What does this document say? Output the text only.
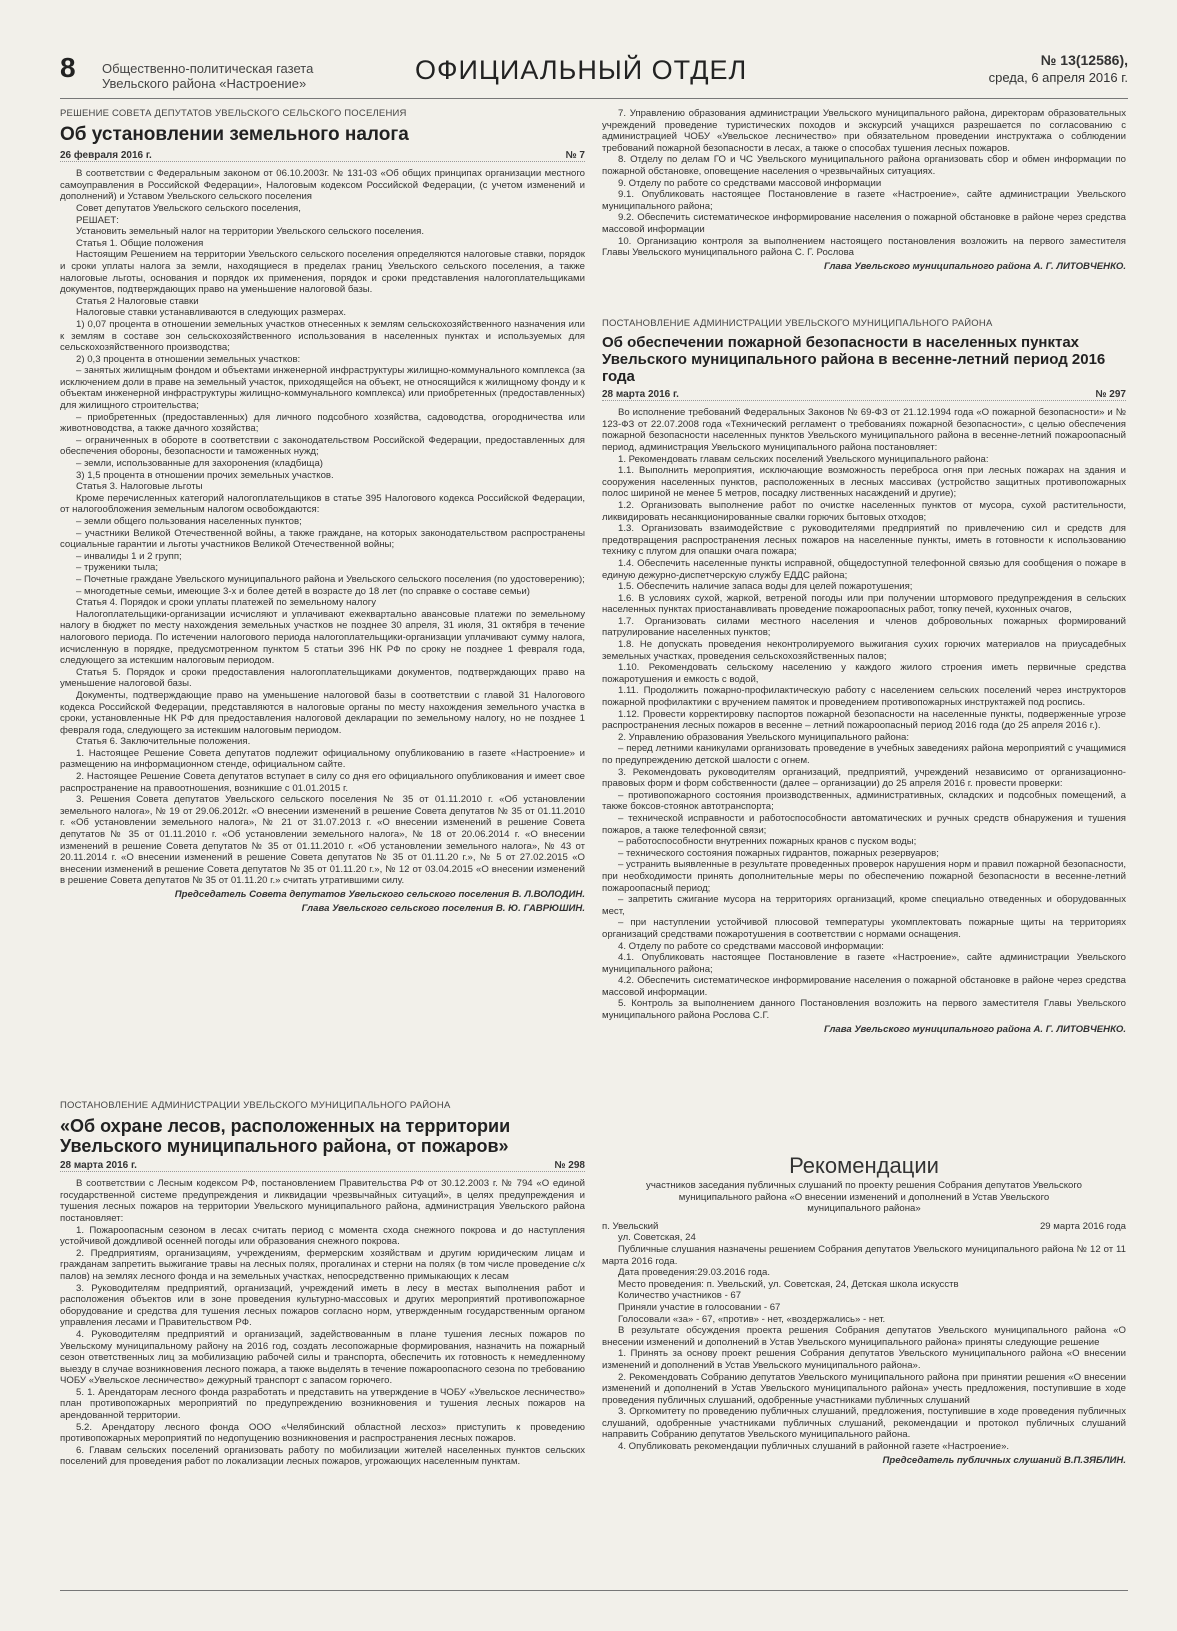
8 Общественно-политическая газета
Увельского района «Настроение»	ОФИЦИАЛЬНЫЙ ОТДЕЛ	№ 13(12586),
среда, 6 апреля 2016 г.
РЕШЕНИЕ СОВЕТА ДЕПУТАТОВ УВЕЛЬСКОГО СЕЛЬСКОГО ПОСЕЛЕНИЯ
Об установлении земельного налога
26 февраля 2016 г.	№ 7

В соответствии с Федеральным законом от 06.10.2003г. № 131-03 «Об общих принципах организации местного самоуправления в Российской Федерации», Налоговым кодексом Российской Федерации, (с учетом изменений и дополнений) и Уставом Увельского сельского поселения

Совет депутатов Увельского сельского поселения,

РЕШАЕТ:

Установить земельный налог на территории Увельского сельского поселения.

Статья 1. Общие положения

Настоящим Решением на территории Увельского сельского поселения определяются налоговые ставки, порядок и сроки уплаты налога за земли, находящиеся в пределах границ Увельского сельского поселения, а также налоговые льготы, основания и порядок их применения, порядок и сроки представления налогоплательщиками документов, подтверждающих право на уменьшение налоговой базы.

Статья 2 Налоговые ставки

Налоговые ставки устанавливаются в следующих размерах.

1) 0,07 процента в отношении земельных участков отнесенных к землям сельскохозяйственного назначения или к землям в составе зон сельскохозяйственного использования в населенных пунктах и используемых для сельскохозяйственного производства;

2) 0,3 процента в отношении земельных участков:

– занятых жилищным фондом и объектами инженерной инфраструктуры жилищно-коммунального комплекса (за исключением доли в праве на земельный участок, приходящейся на объект, не относящийся к жилищному фонду и к объектам инженерной инфраструктуры жилищно-коммунального комплекса) или приобретенных (предоставленных) для жилищного строительства;

– приобретенных (предоставленных) для личного подсобного хозяйства, садоводства, огородничества или животноводства, а также дачного хозяйства;

– ограниченных в обороте в соответствии с законодательством Российской Федерации, предоставленных для обеспечения обороны, безопасности и таможенных нужд;

– земли, использованные для захоронения (кладбища)

3) 1,5 процента в отношении прочих земельных участков.

Статья 3. Налоговые льготы

Кроме перечисленных категорий налогоплательщиков в статье 395 Налогового кодекса Российской Федерации, от налогообложения земельным налогом освобождаются:

– земли общего пользования населенных пунктов;

– участники Великой Отечественной войны, а также граждане, на которых законодательством распространены социальные гарантии и льготы участников Великой Отечественной войны;

– инвалиды 1 и 2 групп;

– труженики тыла;

– Почетные граждане Увельского муниципального района и Увельского сельского поселения (по удостоверению);

– многодетные семьи, имеющие 3-х и более детей в возрасте до 18 лет (по справке о составе семьи)

Статья 4. Порядок и сроки уплаты платежей по земельному налогу

Налогоплательщики-организации исчисляют и уплачивают ежеквартально авансовые платежи по земельному налогу в бюджет по месту нахождения земельных участков не позднее 30 апреля, 31 июля, 31 октября в течение налогового периода. По истечении налогового периода налогоплательщики-организации уплачивают сумму налога, исчисленную в порядке, предусмотренном пунктом 5 статьи 396 НК РФ по сроку не позднее 1 февраля года, следующего за истекшим налоговым периодом.

Статья 5. Порядок и сроки предоставления налогоплательщиками документов, подтверждающих право на уменьшение налоговой базы.

Документы, подтверждающие право на уменьшение налоговой базы в соответствии с главой 31 Налогового кодекса Российской Федерации, представляются в налоговые органы по месту нахождения земельного участка в сроки, установленные НК РФ для предоставления налоговой декларации по земельному налогу, но не позднее 1 февраля года, следующего за истекшим налоговым периодом.

Статья 6. Заключительные положения.

1. Настоящее Решение Совета депутатов подлежит официальному опубликованию в газете «Настроение» и размещению на информационном стенде, официальном сайте.

2. Настоящее Решение Совета депутатов вступает в силу со дня его официального опубликования и имеет свое распространение на правоотношения, возникшие с 01.01.2015 г.

3. Решения Совета депутатов Увельского сельского поселения № 35 от 01.11.2010 г. «Об установлении земельного налога», № 19 от 29.06.2012г. «О внесении изменений в решение Совета депутатов № 35 от 01.11.2010 г. «Об установлении земельного налога», № 21 от 31.07.2013 г. «О внесении изменений в решение Совета депутатов № 35 от 01.11.2010 г. «Об установлении земельного налога», № 18 от 20.06.2014 г. «О внесении изменений в решение Совета депутатов № 35 от 01.11.2010 г. «Об установлении земельного налога», № 43 от 20.11.2014 г. «О внесении изменений в решение Совета депутатов № 35 от 01.11.20 г.», № 5 от 27.02.2015 «О внесении изменений в решение Совета депутатов № 35 от 01.11.20 г.», № 12 от 03.04.2015 «О внесении изменений в решение Совета депутатов № 35 от 01.11.20 г.» считать утратившими силу.

Председатель Совета депутатов Увельского сельского поселения В. Л.ВОЛОДИН.
Глава Увельского сельского поселения В. Ю. ГАВРЮШИН.
ПОСТАНОВЛЕНИЕ АДМИНИСТРАЦИИ УВЕЛЬСКОГО МУНИЦИПАЛЬНОГО РАЙОНА
«Об охране лесов, расположенных на территории Увельского муниципального района, от пожаров»
28 марта 2016 г.	№ 298

В соответствии с Лесным кодексом РФ, постановлением Правительства РФ от 30.12.2003 г. № 794 «О единой государственной системе предупреждения и ликвидации чрезвычайных ситуаций», в целях предупреждения и тушения лесных пожаров на территории Увельского муниципального района, администрация Увельского района постановляет:

1. Пожароопасным сезоном в лесах считать период с момента схода снежного покрова и до наступления устойчивой дождливой осенней погоды или образования снежного покрова.

2. Предприятиям, организациям, учреждениям, фермерским хозяйствам и другим юридическим лицам и гражданам запретить выжигание травы на лесных полях, прогалинах и стерни на полях (в том числе проведение с/х палов) на землях лесного фонда и на земельных участках, непосредственно примыкающих к лесам

3. Руководителям предприятий, организаций, учреждений иметь в лесу в местах выполнения работ и расположения объектов или в зоне проведения культурно-массовых и других мероприятий противопожарное оборудование и средства для тушения лесных пожаров согласно норм, утвержденным государственным органом управления лесами и Правительством РФ.

4. Руководителям предприятий и организаций, задействованным в плане тушения лесных пожаров по Увельскому муниципальному району на 2016 год, создать лесопожарные формирования, назначить на пожарный сезон ответственных лиц за мобилизацию рабочей силы и транспорта, обеспечить их готовность к немедленному выезду в случае возникновения лесного пожара, а также выделять в течение пожароопасного сезона по требованию ЧОБУ «Увельское лесничество» дежурный транспорт с запасом горючего.

5. 1. Арендаторам лесного фонда разработать и представить на утверждение в ЧОБУ «Увельское лесничество» план противопожарных мероприятий по предупреждению возникновения и тушения лесных пожаров на арендованной территории.

5.2. Арендатору лесного фонда ООО «Челябинский областной лесхоз» приступить к проведению противопожарных мероприятий по недопущению возникновения и распространения лесных пожаров.

6. Главам сельских поселений организовать работу по мобилизации жителей населенных пунктов сельских поселений для проведения работ по локализации лесных пожаров, угрожающих населенным пунктам.

7. Управлению образования администрации Увельского муниципального района, директорам образовательных учреждений проведение туристических походов и экскурсий учащихся разрешается по согласованию с администрацией ЧОБУ «Увельское лесничество» при обязательном проведении инструктажа о соблюдении требований пожарной безопасности в лесах, а также о способах тушения лесных пожаров.

8. Отделу по делам ГО и ЧС Увельского муниципального района организовать сбор и обмен информации по пожарной обстановке, оповещение населения о чрезвычайных ситуациях.

9. Отделу по работе со средствами массовой информации

9.1. Опубликовать настоящее Постановление в газете «Настроение», сайте администрации Увельского муниципального района;

9.2. Обеспечить систематическое информирование населения о пожарной обстановке в районе через средства массовой информации

10. Организацию контроля за выполнением настоящего постановления возложить на первого заместителя Главы Увельского муниципального района С. Г. Рослова

Глава Увельского муниципального района А. Г. ЛИТОВЧЕНКО.
ПОСТАНОВЛЕНИЕ АДМИНИСТРАЦИИ УВЕЛЬСКОГО МУНИЦИПАЛЬНОГО РАЙОНА
Об обеспечении пожарной безопасности в населенных пунктах Увельского муниципального района в весенне-летний период 2016 года
28 марта 2016 г.	№ 297

Во исполнение требований Федеральных Законов № 69-ФЗ от 21.12.1994 года «О пожарной безопасности» и № 123-ФЗ от 22.07.2008 года «Технический регламент о требованиях пожарной безопасности», с целью обеспечения пожарной безопасности населенных пунктов Увельского муниципального района в весенне-летний пожароопасный период, администрация Увельского муниципального района постановляет:

1. Рекомендовать главам сельских поселений Увельского муниципального района:

1.1. Выполнить мероприятия, исключающие возможность переброса огня при лесных пожарах на здания и сооружения населенных пунктов, расположенных в лесных массивах (устройство защитных противопожарных полос шириной не менее 5 метров, посадку лиственных насаждений и другие);

1.2. Организовать выполнение работ по очистке населенных пунктов от мусора, сухой растительности, ликвидировать несанкционированные свалки горючих бытовых отходов;

1.3. Организовать взаимодействие с руководителями предприятий по привлечению сил и средств для предотвращения распространения лесных пожаров на населенные пункты, иметь в готовности к использованию технику с плугом для опашки очага пожара;

1.4. Обеспечить населенные пункты исправной, общедоступной телефонной связью для сообщения о пожаре в единую дежурно-диспетчерскую службу ЕДДС района;

1.5. Обеспечить наличие запаса воды для целей пожаротушения;

1.6. В условиях сухой, жаркой, ветреной погоды или при получении штормового предупреждения в сельских населенных пунктах приостанавливать проведение пожароопасных работ, топку печей, кухонных очагов,

1.7. Организовать силами местного населения и членов добровольных пожарных формирований патрулирование населенных пунктов;

1.8. Не допускать проведения неконтролируемого выжигания сухих горючих материалов на приусадебных земельных участках, проведения сельскохозяйственных палов;

1.10. Рекомендовать сельскому населению у каждого жилого строения иметь первичные средства пожаротушения и емкость с водой,

1.11. Продолжить пожарно-профилактическую работу с населением сельских поселений через инструкторов пожарной профилактики с вручением памяток и проведением противопожарных инструктажей под роспись.

1.12. Провести корректировку паспортов пожарной безопасности на населенные пункты, подверженные угрозе распространения лесных пожаров в весенне – летний пожароопасный период 2016 года (до 25 апреля 2016 г.).

2. Управлению образования Увельского муниципального района:

– перед летними каникулами организовать проведение в учебных заведениях района мероприятий с учащимися по предупреждению детской шалости с огнем.

3. Рекомендовать руководителям организаций, предприятий, учреждений независимо от организационно-правовых форм и форм собственности (далее – организации) до 25 апреля 2016 г. провести проверки:

– противопожарного состояния производственных, административных, складских и подсобных помещений, а также боксов-стоянок автотранспорта;

– технической исправности и работоспособности автоматических и ручных средств обнаружения и тушения пожаров, а также телефонной связи;

– работоспособности внутренних пожарных кранов с пуском воды;

– технического состояния пожарных гидрантов, пожарных резервуаров;

– устранить выявленные в результате проведенных проверок нарушения норм и правил пожарной безопасности, при необходимости принять дополнительные меры по обеспечению пожарной безопасности в весенне-летний пожароопасный период;

– запретить сжигание мусора на территориях организаций, кроме специально отведенных и оборудованных мест,

– при наступлении устойчивой плюсовой температуры укомплектовать пожарные щиты на территориях организаций средствами пожаротушения в соответствии с нормами оснащения.

4. Отделу по работе со средствами массовой информации:

4.1. Опубликовать настоящее Постановление в газете «Настроение», сайте администрации Увельского муниципального района;

4.2. Обеспечить систематическое информирование населения о пожарной обстановке в районе через средства массовой информации.

5. Контроль за выполнением данного Постановления возложить на первого заместителя Главы Увельского муниципального района Рослова С.Г.

Глава Увельского муниципального района А. Г. ЛИТОВЧЕНКО.
Рекомендации
участников заседания публичных слушаний по проекту решения Собрания депутатов Увельского муниципального района «О внесении изменений и дополнений в Устав Увельского муниципального района»
п. Увельский	29 марта 2016 года

ул. Советская, 24

Публичные слушания назначены решением Собрания депутатов Увельского муниципального района № 12 от 11 марта 2016 года.

Дата проведения:29.03.2016 года.

Место проведения: п. Увельский, ул. Советская, 24, Детская школа искусств

Количество участников - 67

Приняли участие в голосовании - 67

Голосовали «за» - 67, «против» - нет, «воздержались» - нет.

В результате обсуждения проекта решения Собрания депутатов Увельского муниципального района «О внесении изменений и дополнений в Устав Увельского муниципального района» приняты следующие решение

1. Принять за основу проект решения Собрания депутатов Увельского муниципального района «О внесении изменений и дополнений в Устав Увельского муниципального района».

2. Рекомендовать Собранию депутатов Увельского муниципального района при принятии решения «О внесении изменений и дополнений в Устав Увельского муниципального района» учесть предложения, поступившие в ходе проведения публичных слушаний, одобренные участниками публичных слушаний

3. Оргкомитету по проведению публичных слушаний, предложения, поступившие в ходе проведения публичных слушаний, одобренные участниками публичных слушаний, рекомендации и протокол публичных слушаний направить Собранию депутатов Увельского муниципального района.

4. Опубликовать рекомендации публичных слушаний в районной газете «Настроение».

Председатель публичных слушаний В.П.ЗЯБЛИН.
